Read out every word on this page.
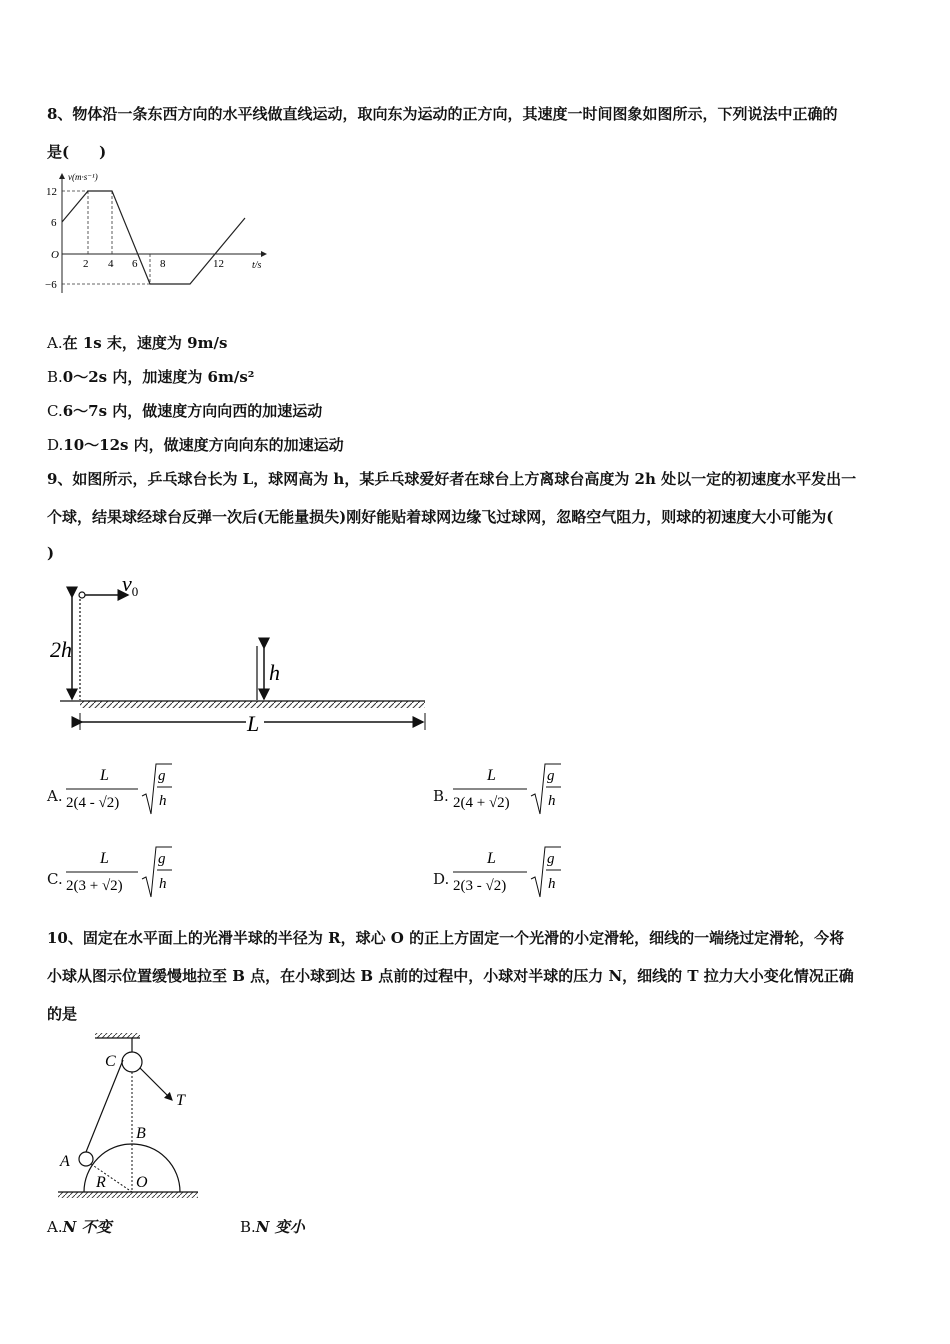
8、物体沿一条东西方向的水平线做直线运动，取向东为运动的正方向，其速度一时间图象如图所示，下列说法中正确的
是(　　)
v(m·s⁻¹)
t/s
O
12
6
−6
2 4 6 8	12
A.在 1s 末，速度为 9m/s
B.0～2s 内，加速度为 6m/s²
C.6～7s 内，做速度方向向西的加速运动
D.10～12s 内，做速度方向向东的加速运动
9、如图所示，乒乓球台长为 L，球网高为 h，某乒乓球爱好者在球台上方离球台高度为 2h 处以一定的初速度水平发出一
个球，结果球经球台反弹一次后(无能量损失)刚好能贴着球网边缘飞过球网，忽略空气阻力，则球的初速度大小可能为(
)
$v_0$
2h
h
L
A.
L
2(4 - √2)
g
h	B.
L
2(4 + √2)
g
h
C.
L
2(3 + √2)
g
h	D.
L
2(3 - √2)
g
h
10、固定在水平面上的光滑半球的半径为 R，球心 O 的正上方固定一个光滑的小定滑轮，细线的一端绕过定滑轮，今将
小球从图示位置缓慢地拉至 B 点，在小球到达 B 点前的过程中，小球对半球的压力 N，细线的 T 拉力大小变化情况正确
的是
C
T
B
A
R O
A.N 不变	B.N 变小
